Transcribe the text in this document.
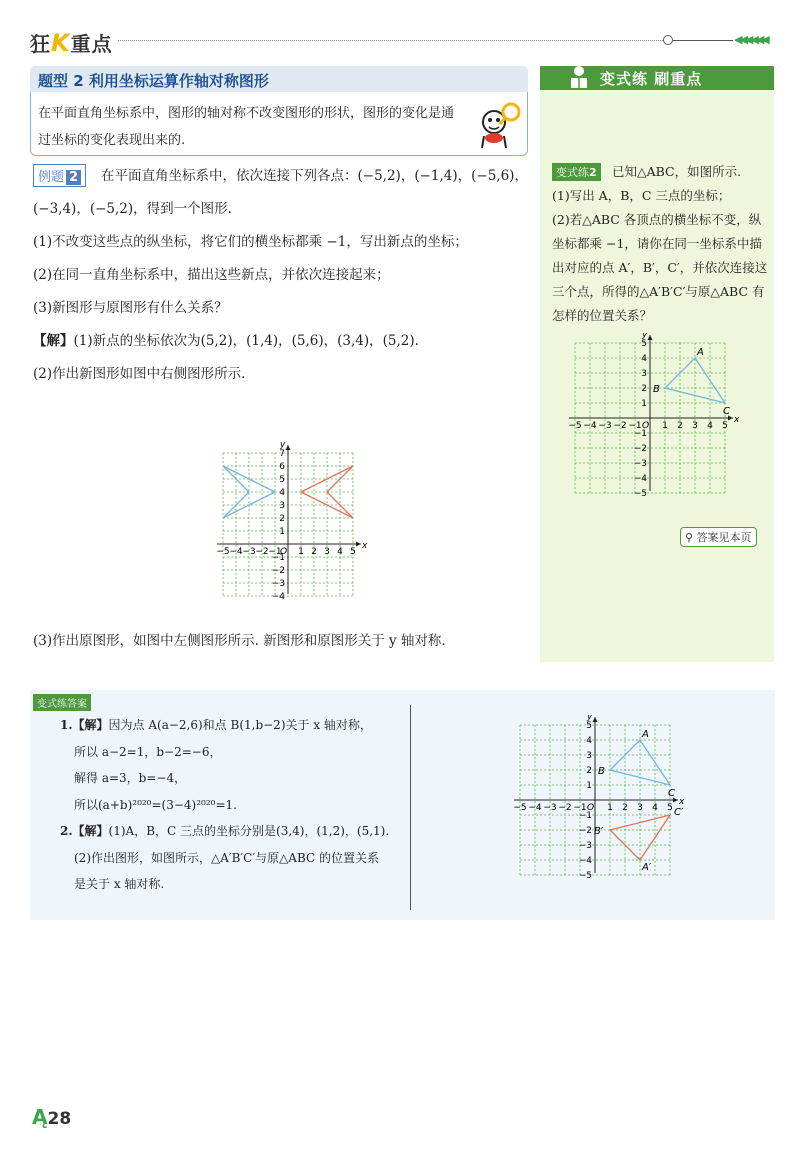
狂K重点	◀◀◀◀◀◀
题型 2 利用坐标运算作轴对称图形
在平面直角坐标系中，图形的轴对称不改变图形的形状，图形的变化是通过坐标的变化表现出来的.
在平面直角坐标系中，依次连接下列各点：(−5,2)，(−1,4)，(−5,6)，(−3,4)，(−5,2)，得到一个图形.
(1)不改变这些点的纵坐标，将它们的横坐标都乘 −1，写出新点的坐标；
(2)在同一直角坐标系中，描出这些新点，并依次连接起来；
(3)新图形与原图形有什么关系？
【解】(1)新点的坐标依次为(5,2)，(1,4)，(5,6)，(3,4)，(5,2).
(2)作出新图形如图中右侧图形所示.
(3)作出原图形，如图中左侧图形所示. 新图形和原图形关于 y 轴对称.
例题 2
x
y
O
−5 −4 −3 −2 −1 1 2 3 4 5
7
6
5
4
3
2
1
−1
−2
−3
−4
变式练 刷重点
已知△ABC，如图所示.
(1)写出 A，B，C 三点的坐标；
(2)若△ABC 各顶点的横坐标不变，纵坐标都乘 −1，请你在同一坐标系中描出对应的点 A′，B′，C′，并依次连接这三个点，所得的△A′B′C′与原△ABC 有怎样的位置关系？
变式练2
x
y
O
−5 −4 −3 −2 −1 1 2 3 4 5
5
4
3
2
1
−1
−2
−3
−4
−5
A
B
C
⚲ 答案见本页
变式练答案
1.【解】因为点 A(a−2,6)和点 B(1,b−2)关于 x 轴对称，
所以 a−2=1，b−2=−6，
解得 a=3，b=−4，
所以(a+b)²⁰²⁰=(3−4)²⁰²⁰=1.
2.【解】(1)A，B，C 三点的坐标分别是(3,4)，(1,2)，(5,1).
(2)作出图形，如图所示，△A′B′C′与原△ABC 的位置关系
是关于 x 轴对称.
x
y
O
−5 −4 −3 −2 −1 1 2 3 4 5
5
4
3
2
1
−1
−2
−3
−4
−5
A
B
C
A′
B′
C′
Ą28
